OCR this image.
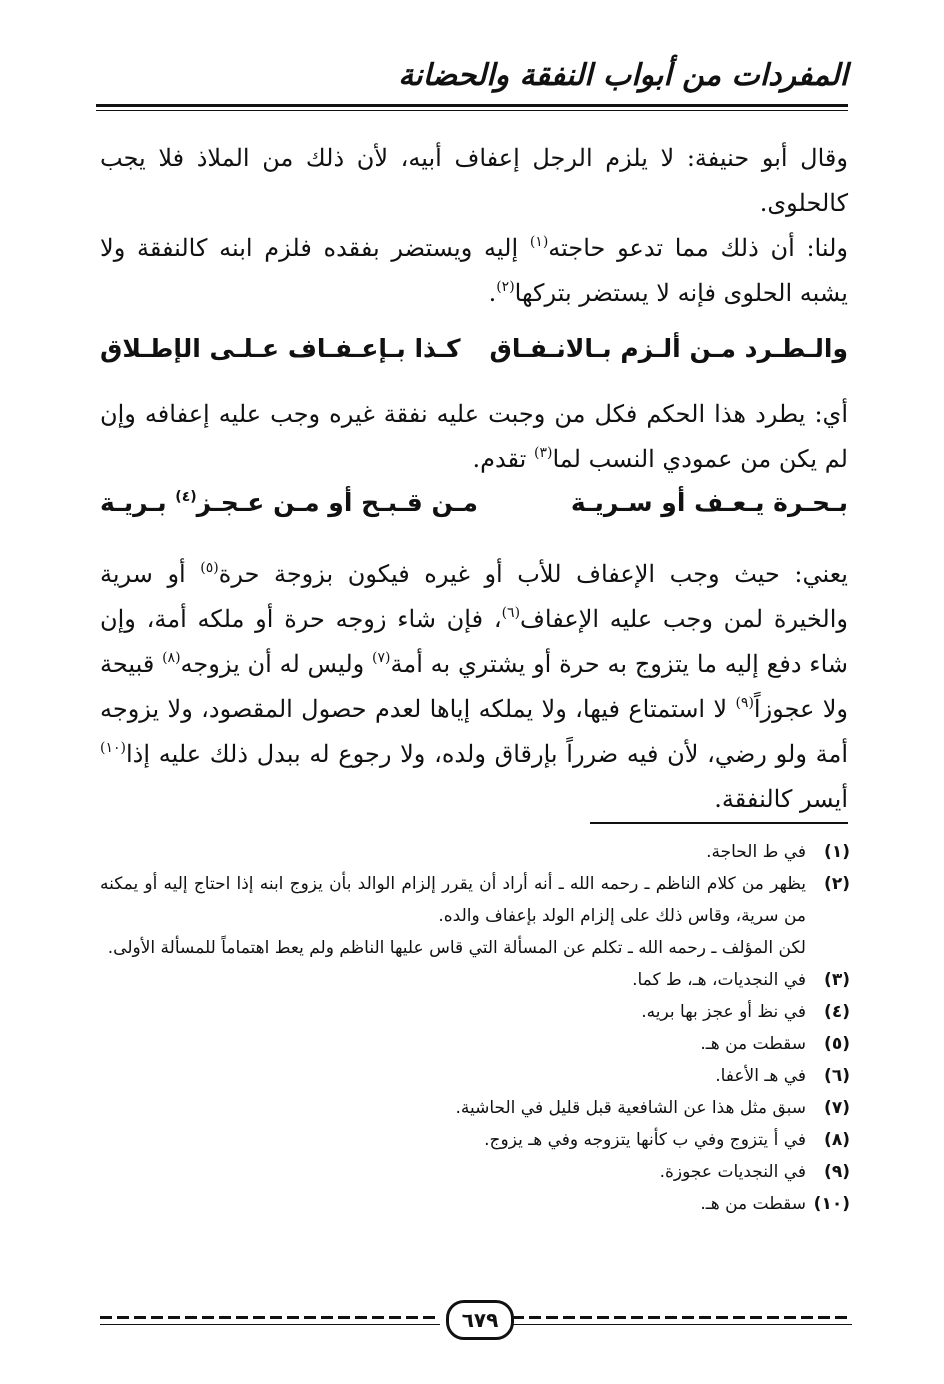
المفردات من أبواب النفقة والحضانة
وقال أبو حنيفة: لا يلزم الرجل إعفاف أبيه، لأن ذلك من الملاذ فلا يجب كالحلوى.
ولنا: أن ذلك مما تدعو حاجته$^{(١)}$ إليه ويستضر بفقده فلزم ابنه كالنفقة ولا يشبه الحلوى فإنه لا يستضر بتركها$^{(٢)}$.
والـطـرد مـن ألـزم بـالانـفـاق
كـذا بـإعـفـاف عـلـى الإطـلاق
أي: يطرد هذا الحكم فكل من وجبت عليه نفقة غيره وجب عليه إعفافه وإن لم يكن من عمودي النسب لما$^{(٣)}$ تقدم.
بـحـرة يـعـف أو سـريـة
مـن قـبـح أو مـن عـجـز$^{(٤)}$ بـريـة
يعني: حيث وجب الإعفاف للأب أو غيره فيكون بزوجة حرة$^{(٥)}$ أو سرية والخيرة لمن وجب عليه الإعفاف$^{(٦)}$، فإن شاء زوجه حرة أو ملكه أمة، وإن شاء دفع إليه ما يتزوج به حرة أو يشتري به أمة$^{(٧)}$ وليس له أن يزوجه$^{(٨)}$ قبيحة ولا عجوزاً$^{(٩)}$ لا استمتاع فيها، ولا يملكه إياها لعدم حصول المقصود، ولا يزوجه أمة ولو رضي، لأن فيه ضرراً بإرقاق ولده، ولا رجوع له ببدل ذلك عليه إذا$^{(١٠)}$ أيسر كالنفقة.
(١)
في ط الحاجة.
(٢)
يظهر من كلام الناظم ـ رحمه الله ـ أنه أراد أن يقرر إلزام الوالد بأن يزوج ابنه إذا احتاج إليه أو يمكنه من سرية، وقاس ذلك على إلزام الولد بإعفاف والده.
لكن المؤلف ـ رحمه الله ـ تكلم عن المسألة التي قاس عليها الناظم ولم يعط اهتماماً للمسألة الأولى.
(٣)
في النجديات، هـ، ط كما.
(٤)
في نظ أو عجز بها بريه.
(٥)
سقطت من هـ.
(٦)
في هـ الأعفا.
(٧)
سبق مثل هذا عن الشافعية قبل قليل في الحاشية.
(٨)
في أ يتزوج وفي ب كأنها يتزوجه وفي هـ يزوج.
(٩)
في النجديات عجوزة.
(١٠)
سقطت من هـ.
٦٧٩
